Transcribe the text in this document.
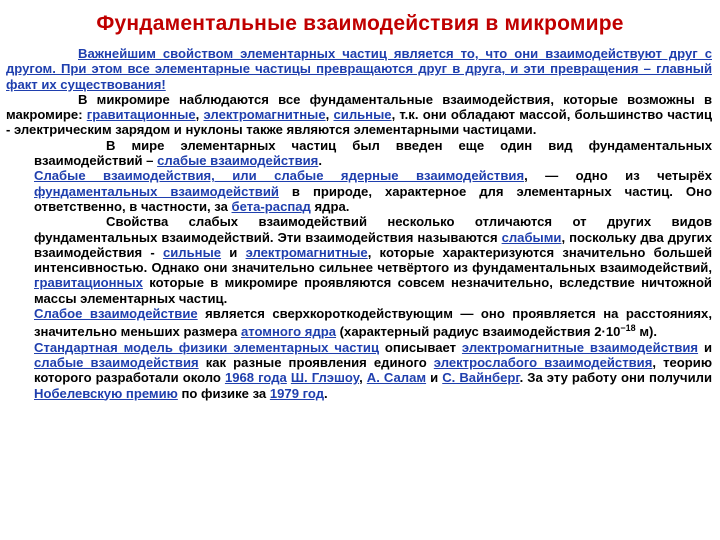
Фундаментальные взаимодействия в микромире

Важнейшим свойством элементарных частиц является то, что они взаимодействуют друг с другом. При этом все элементарные частицы превращаются друг в друга, и эти превращения – главный факт их существования!

В микромире наблюдаются все фундаментальные взаимодействия, которые возможны в макромире: гравитационные, электромагнитные, сильные, т.к. они обладают массой, большинство частиц - электрическим зарядом и нуклоны также являются элементарными частицами.

В мире элементарных частиц был введен еще один вид фундаментальных взаимодействий – слабые взаимодействия.

Слабые взаимодействия, или слабые ядерные взаимодействия, — одно из четырёх фундаментальных взаимодействий в природе, характерное для элементарных частиц. Оно ответственно, в частности, за бета-распад ядра.

Свойства слабых взаимодействий несколько отличаются от других видов фундаментальных взаимодействий. Эти взаимодействия называются слабыми, поскольку два других взаимодействия - сильные и электромагнитные, которые характеризуются значительно большей интенсивностью. Однако они значительно сильнее четвёртого из фундаментальных взаимодействий, гравитационных которые в микромире проявляются совсем незначительно, вследствие ничтожной массы элементарных частиц.

Слабое взаимодействие является сверхкороткодействующим — оно проявляется на расстояниях, значительно меньших размера атомного ядра (характерный радиус взаимодействия $2\cdot 10^{-18}$ м).

Стандартная модель физики элементарных частиц описывает электромагнитные взаимодействия и слабые взаимодействия как разные проявления единого электрослабого взаимодействия, теорию которого разработали около 1968 года Ш. Глэшоу, А. Салам и С. Вайнберг. За эту работу они получили Нобелевскую премию по физике за 1979 год.
